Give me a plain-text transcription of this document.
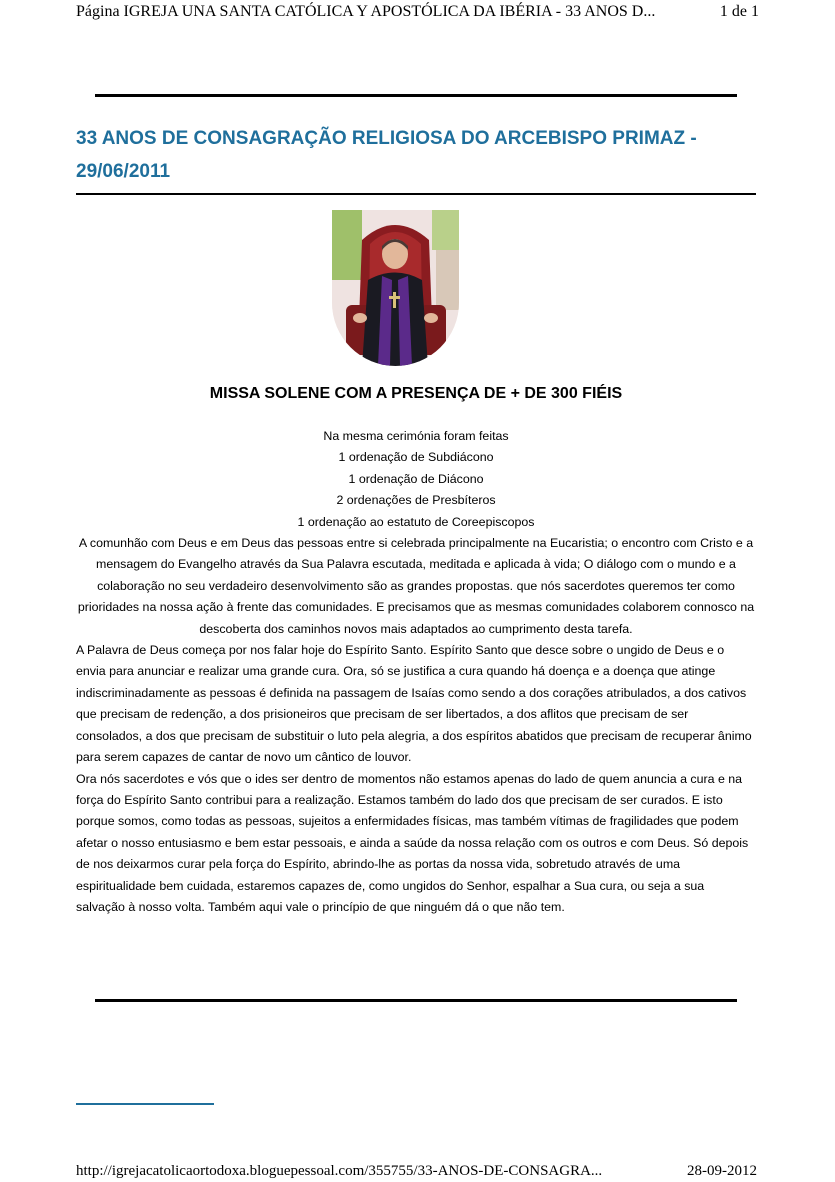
Página IGREJA UNA SANTA CATÓLICA Y APOSTÓLICA DA IBÉRIA - 33 ANOS D...	1 de 1
33 ANOS DE CONSAGRAÇÃO RELIGIOSA DO ARCEBISPO PRIMAZ -
29/06/2011
MISSA SOLENE COM A PRESENÇA DE + DE 300 FIÉIS
Na mesma cerimónia foram feitas
1 ordenação de Subdiácono
1 ordenação de Diácono
2 ordenações de Presbíteros
1 ordenação ao estatuto de Coreepiscopos

A comunhão com Deus e em Deus das pessoas entre si celebrada principalmente na Eucaristia; o encontro com Cristo e a mensagem do Evangelho através da Sua Palavra escutada, meditada e aplicada à vida; O diálogo com o mundo e a colaboração no seu verdadeiro desenvolvimento são as grandes propostas. que nós sacerdotes queremos ter como prioridades na nossa ação à frente das comunidades. E precisamos que as mesmas comunidades colaborem connosco na descoberta dos caminhos novos mais adaptados ao cumprimento desta tarefa.

A Palavra de Deus começa por nos falar hoje do Espírito Santo. Espírito Santo que desce sobre o ungido de Deus e o envia para anunciar e realizar uma grande cura. Ora, só se justifica a cura quando há doença e a doença que atinge indiscriminadamente as pessoas é definida na passagem de Isaías como sendo a dos corações atribulados, a dos cativos que precisam de redenção, a dos prisioneiros que precisam de ser libertados, a dos aflitos que precisam de ser consolados, a dos que precisam de substituir o luto pela alegria, a dos espíritos abatidos que precisam de recuperar ânimo para serem capazes de cantar de novo um cântico de louvor.

Ora nós sacerdotes e vós que o ides ser dentro de momentos não estamos apenas do lado de quem anuncia a cura e na força do Espírito Santo contribui para a realização. Estamos também do lado dos que precisam de ser curados. E isto porque somos, como todas as pessoas, sujeitos a enfermidades físicas, mas também vítimas de fragilidades que podem afetar o nosso entusiasmo e bem estar pessoais, e ainda a saúde da nossa relação com os outros e com Deus. Só depois de nos deixarmos curar pela força do Espírito, abrindo-lhe as portas da nossa vida, sobretudo através de uma espiritualidade bem cuidada, estaremos capazes de, como ungidos do Senhor, espalhar a Sua cura, ou seja a sua salvação à nosso volta. Também aqui vale o princípio de que ninguém dá o que não tem.

http://igrejacatolicaortodoxa.bloguepessoal.com/355755/33-ANOS-DE-CONSAGRA...	28-09-2012
